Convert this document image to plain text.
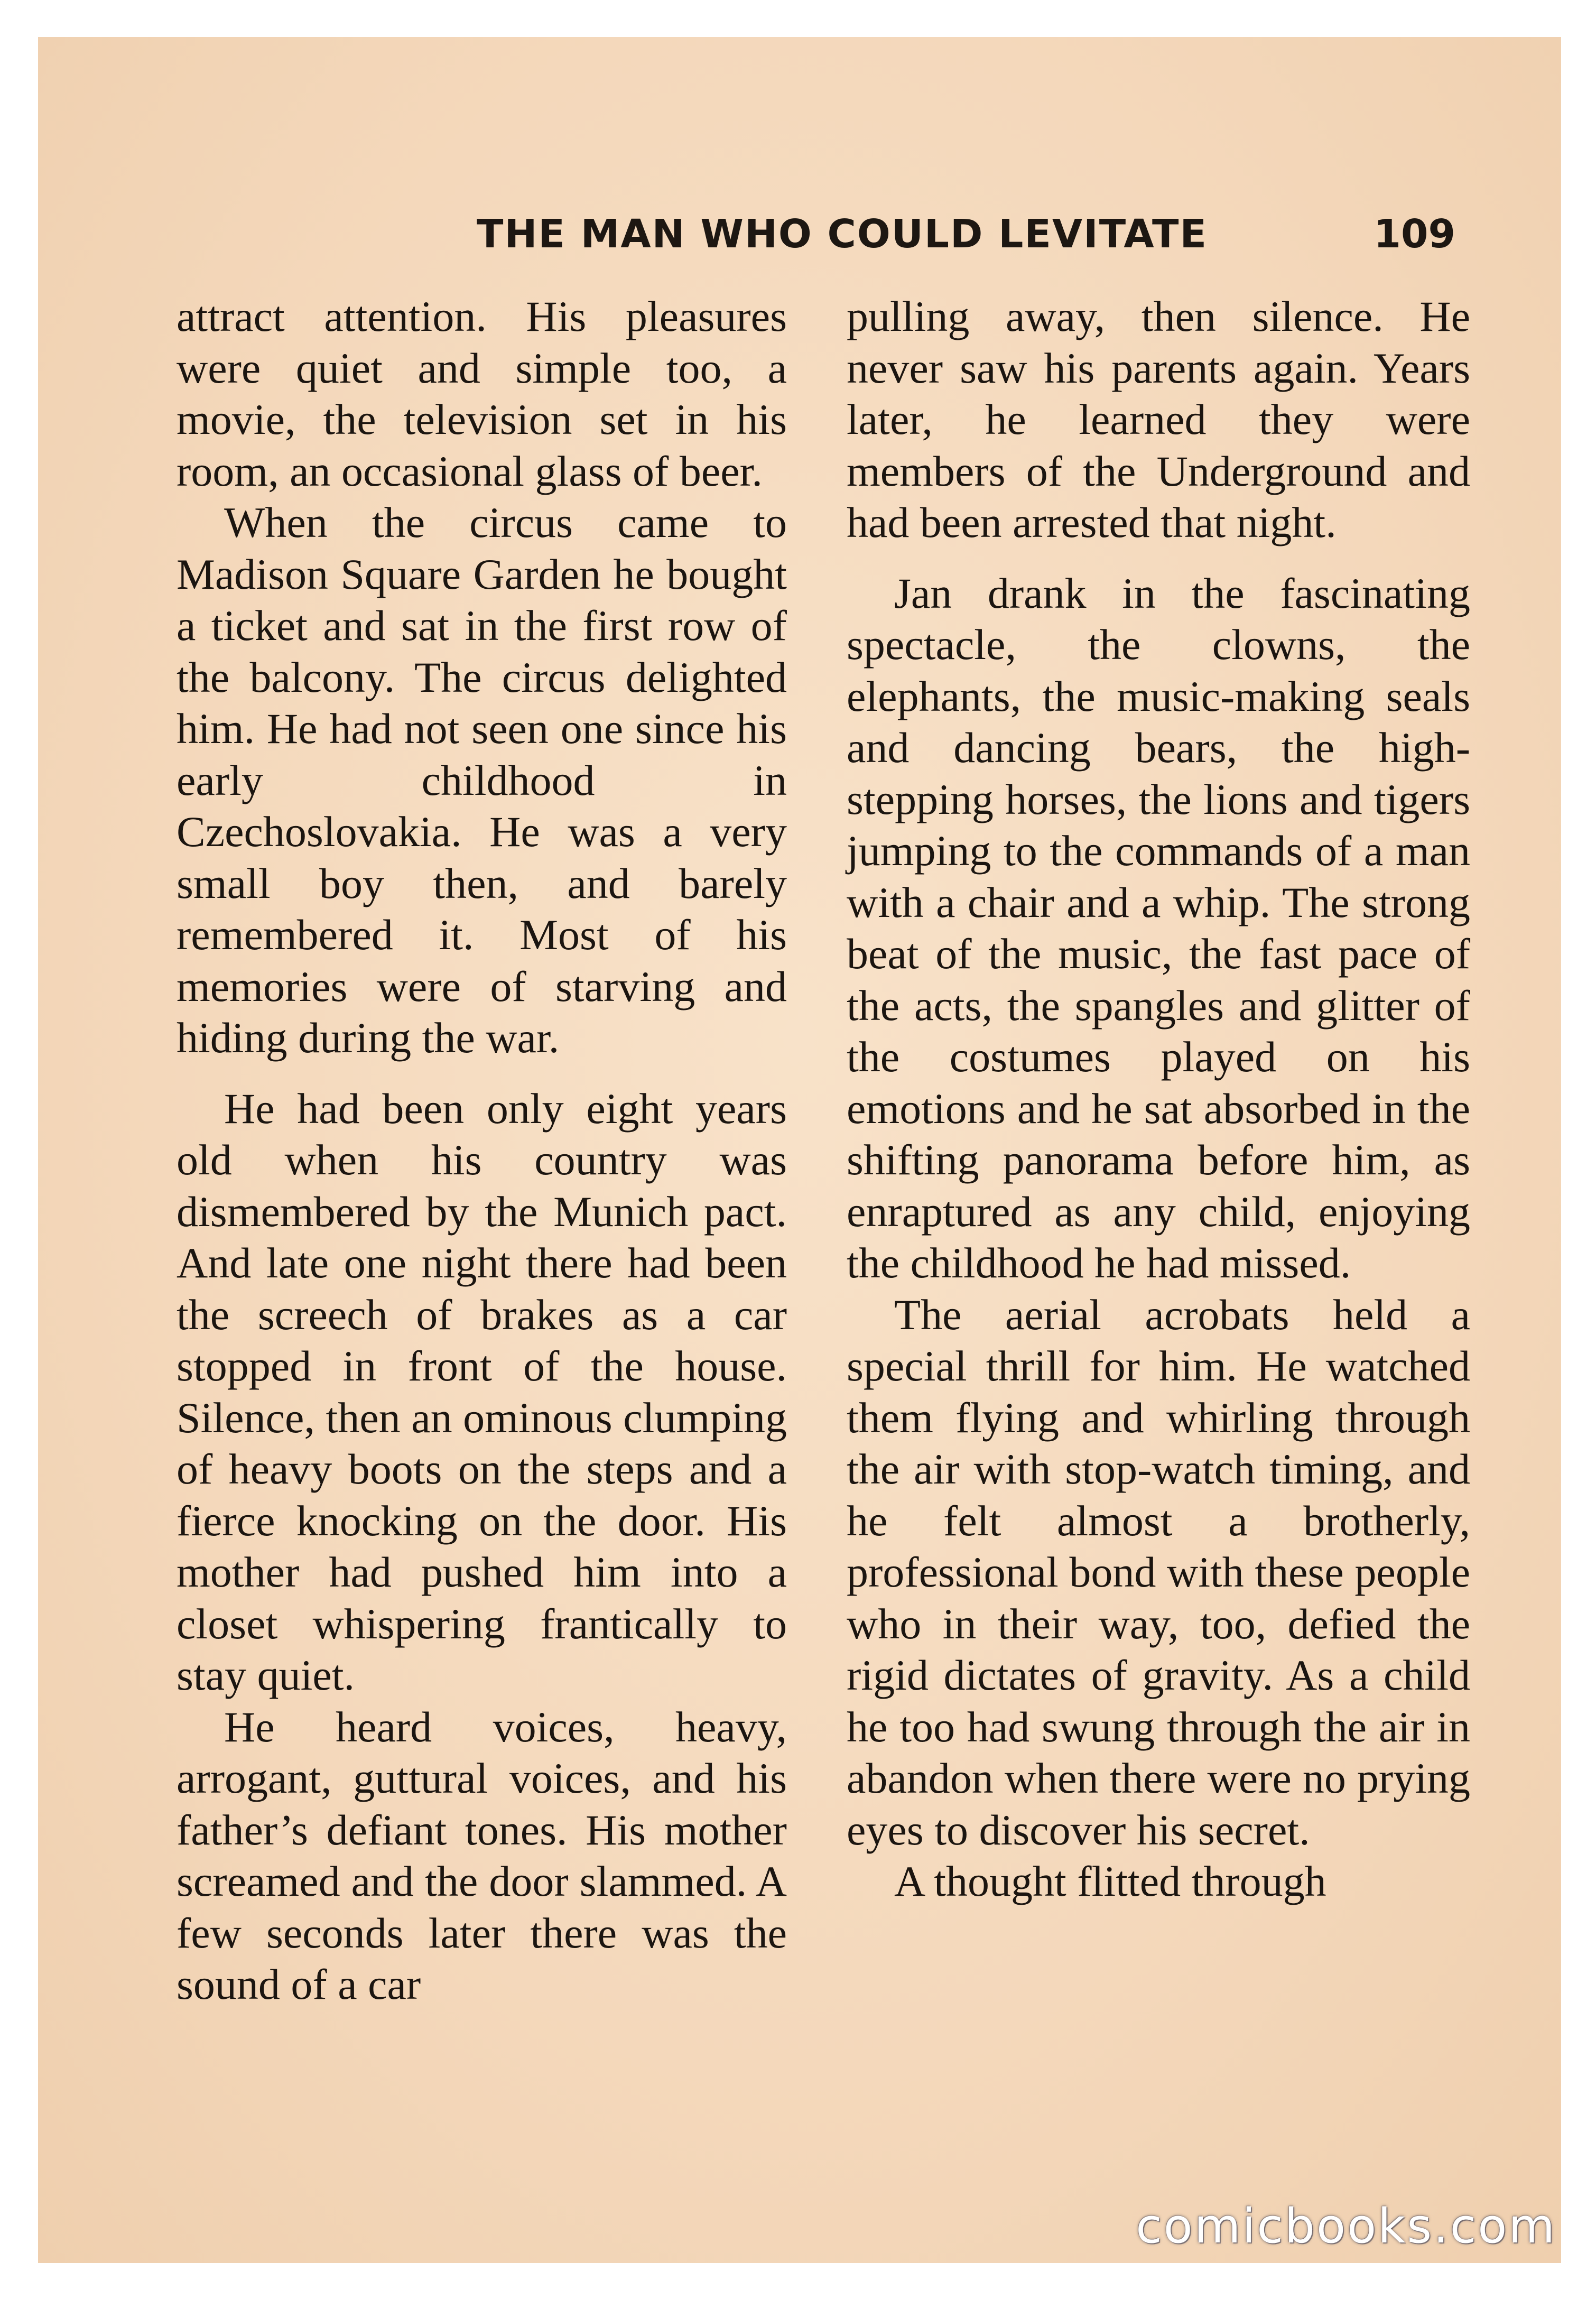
THE MAN WHO COULD LEVITATE	109

attract attention. His pleasures were quiet and simple too, a movie, the television set in his room, an occasional glass of beer.

When the circus came to Madison Square Garden he bought a ticket and sat in the first row of the balcony. The circus delighted him. He had not seen one since his early childhood in Czechoslovakia. He was a very small boy then, and barely remembered it. Most of his memories were of starving and hiding during the war.

He had been only eight years old when his country was dismembered by the Munich pact. And late one night there had been the screech of brakes as a car stopped in front of the house. Silence, then an ominous clumping of heavy boots on the steps and a fierce knocking on the door. His mother had pushed him into a closet whispering frantically to stay quiet.

He heard voices, heavy, arrogant, guttural voices, and his father’s defiant tones. His mother screamed and the door slammed. A few seconds later there was the sound of a car

pulling away, then silence. He never saw his parents again. Years later, he learned they were members of the Underground and had been arrested that night.

Jan drank in the fascinating spectacle, the clowns, the elephants, the music-making seals and dancing bears, the high-stepping horses, the lions and tigers jumping to the commands of a man with a chair and a whip. The strong beat of the music, the fast pace of the acts, the spangles and glitter of the costumes played on his emotions and he sat absorbed in the shifting panorama before him, as enraptured as any child, enjoying the childhood he had missed.

The aerial acrobats held a special thrill for him. He watched them flying and whirling through the air with stop-watch timing, and he felt almost a brotherly, professional bond with these people who in their way, too, defied the rigid dictates of gravity. As a child he too had swung through the air in abandon when there were no prying eyes to discover his secret.

A thought flitted through

comicbooks.com
